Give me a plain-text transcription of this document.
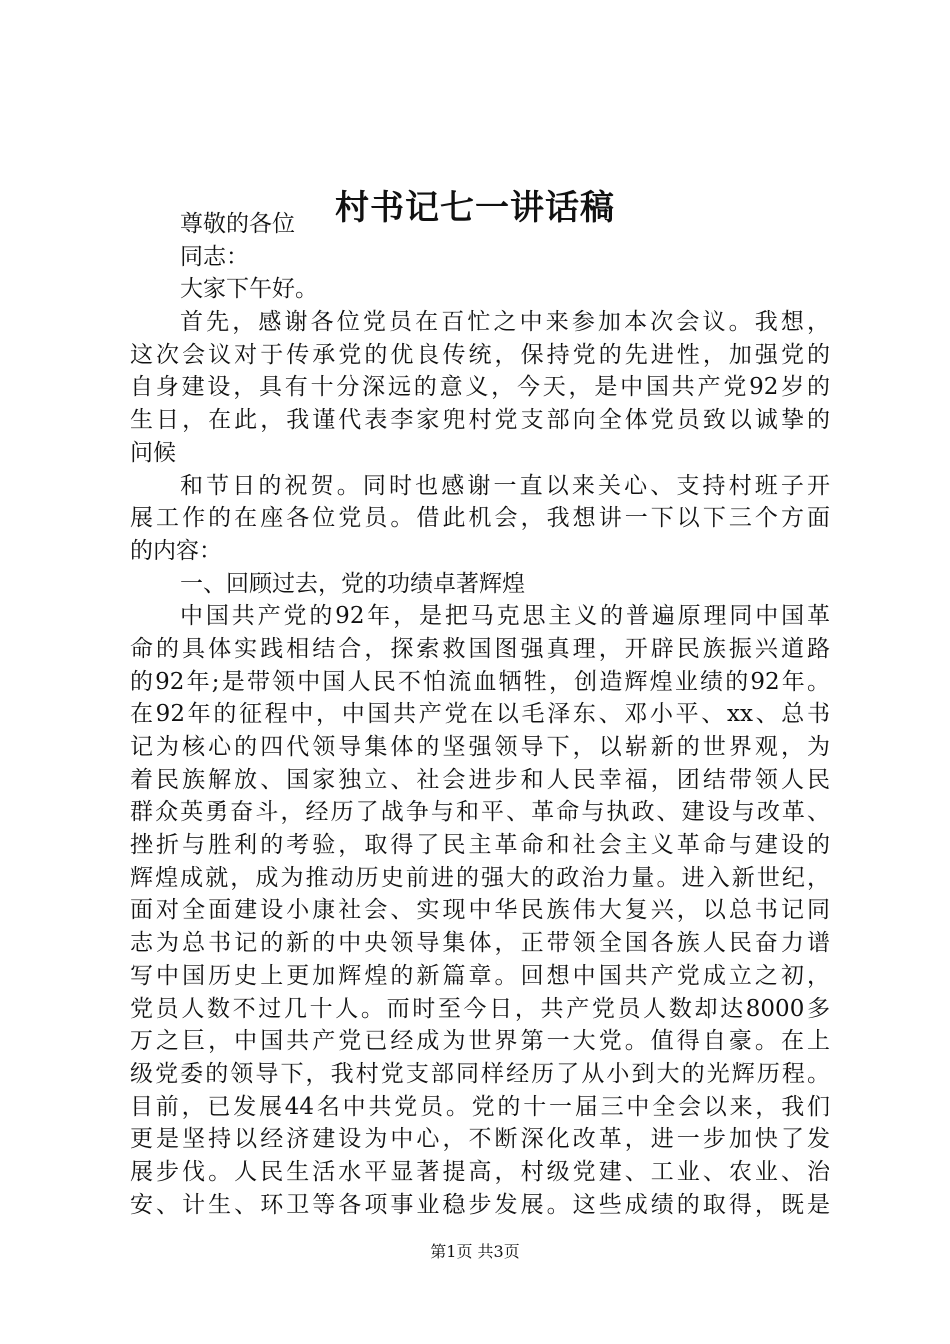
村书记七一讲话稿
尊敬的各位
同志：
大家下午好。
首先，感谢各位党员在百忙之中来参加本次会议。我想，
这次会议对于传承党的优良传统，保持党的先进性，加强党的
自身建设，具有十分深远的意义，今天，是中国共产党92岁的
生日，在此，我谨代表李家兜村党支部向全体党员致以诚挚的
问候
和节日的祝贺。同时也感谢一直以来关心、支持村班子开
展工作的在座各位党员。借此机会，我想讲一下以下三个方面
的内容：
一、回顾过去，党的功绩卓著辉煌
中国共产党的92年，是把马克思主义的普遍原理同中国革
命的具体实践相结合，探索救国图强真理，开辟民族振兴道路
的92年;是带领中国人民不怕流血牺牲，创造辉煌业绩的92年。
在92年的征程中，中国共产党在以毛泽东、邓小平、xx、总书
记为核心的四代领导集体的坚强领导下，以崭新的世界观，为
着民族解放、国家独立、社会进步和人民幸福，团结带领人民
群众英勇奋斗，经历了战争与和平、革命与执政、建设与改革、
挫折与胜利的考验，取得了民主革命和社会主义革命与建设的
辉煌成就，成为推动历史前进的强大的政治力量。进入新世纪，
面对全面建设小康社会、实现中华民族伟大复兴，以总书记同
志为总书记的新的中央领导集体，正带领全国各族人民奋力谱
写中国历史上更加辉煌的新篇章。回想中国共产党成立之初，
党员人数不过几十人。而时至今日，共产党员人数却达8000多
万之巨，中国共产党已经成为世界第一大党。值得自豪。在上
级党委的领导下，我村党支部同样经历了从小到大的光辉历程。
目前，已发展44名中共党员。党的十一届三中全会以来，我们
更是坚持以经济建设为中心，不断深化改革，进一步加快了发
展步伐。人民生活水平显著提高，村级党建、工业、农业、治
安、计生、环卫等各项事业稳步发展。这些成绩的取得，既是
第1页 共3页
